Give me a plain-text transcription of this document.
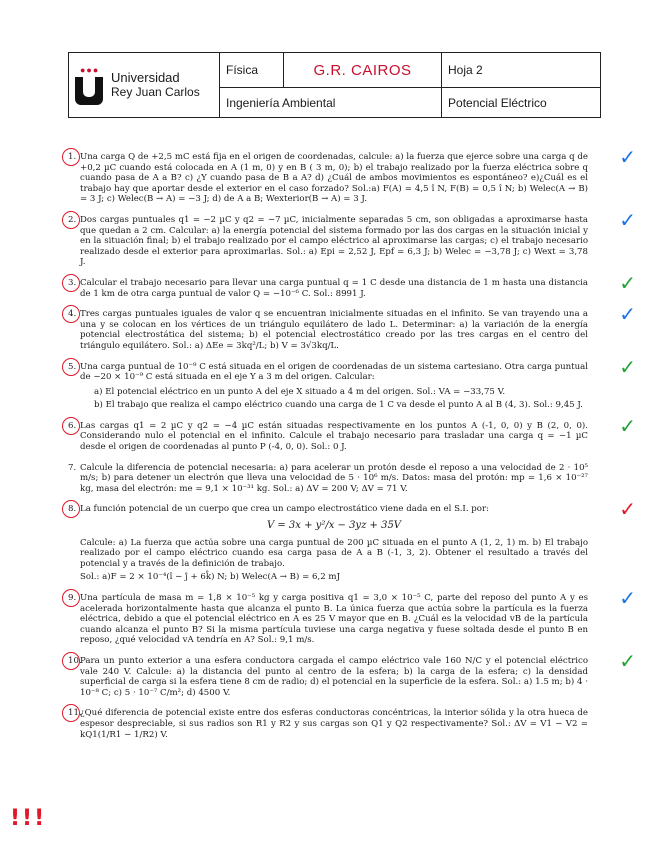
●●● Universidad
Rey Juan Carlos	Física	G.R. CAIROS	Hoja 2
	Ingeniería Ambiental		Potencial Eléctrico
1. Una carga Q de +2,5 mC está fija en el origen de coordenadas, calcule: a) la fuerza que ejerce sobre una carga q de +0,2 µC cuando está colocada en A (1 m, 0) y en B ( 3 m, 0); b) el trabajo realizado por la fuerza eléctrica sobre q cuando pasa de A a B? c) ¿Y cuando pasa de B a A? d) ¿Cuál de ambos movimientos es espontáneo? e)¿Cuál es el trabajo hay que aportar desde el exterior en el caso forzado? Sol.:a) F(A) = 4,5 î N, F(B) = 0,5 î N; b) Welec(A → B) = 3 J; c) Welec(B → A) = −3 J; d) de A a B; Wexterior(B → A) = 3 J.
✓
2. Dos cargas puntuales q1 = −2 µC y q2 = −7 µC, inicialmente separadas 5 cm, son obligadas a aproximarse hasta que quedan a 2 cm. Calcular: a) la energía potencial del sistema formado por las dos cargas en la situación inicial y en la situación final; b) el trabajo realizado por el campo eléctrico al aproximarse las cargas; c) el trabajo necesario realizado desde el exterior para aproximarlas. Sol.: a) Epi = 2,52 J, Epf = 6,3 J; b) Welec = −3,78 J; c) Wext = 3,78 J.
✓
3. Calcular el trabajo necesario para llevar una carga puntual q = 1 C desde una distancia de 1 m hasta una distancia de 1 km de otra carga puntual de valor Q = −10⁻⁶ C. Sol.: 8991 J.	✓
4. Tres cargas puntuales iguales de valor q se encuentran inicialmente situadas en el infinito. Se van trayendo una a una y se colocan en los vértices de un triángulo equilátero de lado L. Determinar: a) la variación de la energía potencial electrostática del sistema; b) el potencial electrostático creado por las tres cargas en el centro del triángulo equilátero. Sol.: a) ΔEe = 3kq²/L; b) V = 3√3kq/L.
✓
5. Una carga puntual de 10⁻⁹ C está situada en el origen de coordenadas de un sistema cartesiano. Otra carga puntual de −20 × 10⁻⁹ C está situada en el eje Y a 3 m del origen. Calcular:
a) El potencial eléctrico en un punto A del eje X situado a 4 m del origen. Sol.: VA = −33,75 V.
b) El trabajo que realiza el campo eléctrico cuando una carga de 1 C va desde el punto A al B (4, 3). Sol.: 9,45 J.
✓
6. Las cargas q1 = 2 µC y q2 = −4 µC están situadas respectivamente en los puntos A (-1, 0, 0) y B (2, 0, 0). Considerando nulo el potencial en el infinito. Calcule el trabajo necesario para trasladar una carga q = −1 µC desde el origen de coordenadas al punto P (-4, 0, 0). Sol.: 0 J.
✓
7. Calcule la diferencia de potencial necesaria: a) para acelerar un protón desde el reposo a una velocidad de 2 · 10⁵ m/s; b) para detener un electrón que lleva una velocidad de 5 · 10⁶ m/s. Datos: masa del protón: mp = 1,6 × 10⁻²⁷ kg, masa del electrón: me = 9,1 × 10⁻³¹ kg. Sol.: a) ΔV = 200 V; ΔV = 71 V.
8. La función potencial de un cuerpo que crea un campo electrostático viene dada en el S.I. por:
V = 3x + y²/x − 3yz + 35V
Calcule: a) La fuerza que actúa sobre una carga puntual de 200 µC situada en el punto A (1, 2, 1) m. b) El trabajo realizado por el campo eléctrico cuando esa carga pasa de A a B (-1, 3, 2). Obtener el resultado a través del potencial y a través de la definición de trabajo.
Sol.: a)F = 2 × 10⁻⁴(î − ĵ + 6k̂) N; b) Welec(A → B) = 6,2 mJ
✓
9. Una partícula de masa m = 1,8 × 10⁻⁵ kg y carga positiva q1 = 3,0 × 10⁻⁵ C, parte del reposo del punto A y es acelerada horizontalmente hasta que alcanza el punto B. La única fuerza que actúa sobre la partícula es la fuerza eléctrica, debido a que el potencial eléctrico en A es 25 V mayor que en B. ¿Cuál es la velocidad vB de la partícula cuando alcanza el punto B? Si la misma partícula tuviese una carga negativa y fuese soltada desde el punto B en reposo, ¿qué velocidad vA tendría en A? Sol.: 9,1 m/s.
✓
10.
Para un punto exterior a una esfera conductora cargada el campo eléctrico vale 160 N/C y el potencial eléctrico vale 240 V. Calcule: a) la distancia del punto al centro de la esfera; b) la carga de la esfera; c) la densidad superficial de carga si la esfera tiene 8 cm de radio; d) el potencial en la superficie de la esfera. Sol.: a) 1.5 m; b) 4 · 10⁻⁸ C; c) 5 · 10⁻⁷ C/m²; d) 4500 V.
✓
11.
¿Qué diferencia de potencial existe entre dos esferas conductoras concéntricas, la interior sólida y la otra hueca de espesor despreciable, si sus radios son R1 y R2 y sus cargas son Q1 y Q2 respectivamente? Sol.: ΔV = V1 − V2 = kQ1(1/R1 − 1/R2) V.
!!!
